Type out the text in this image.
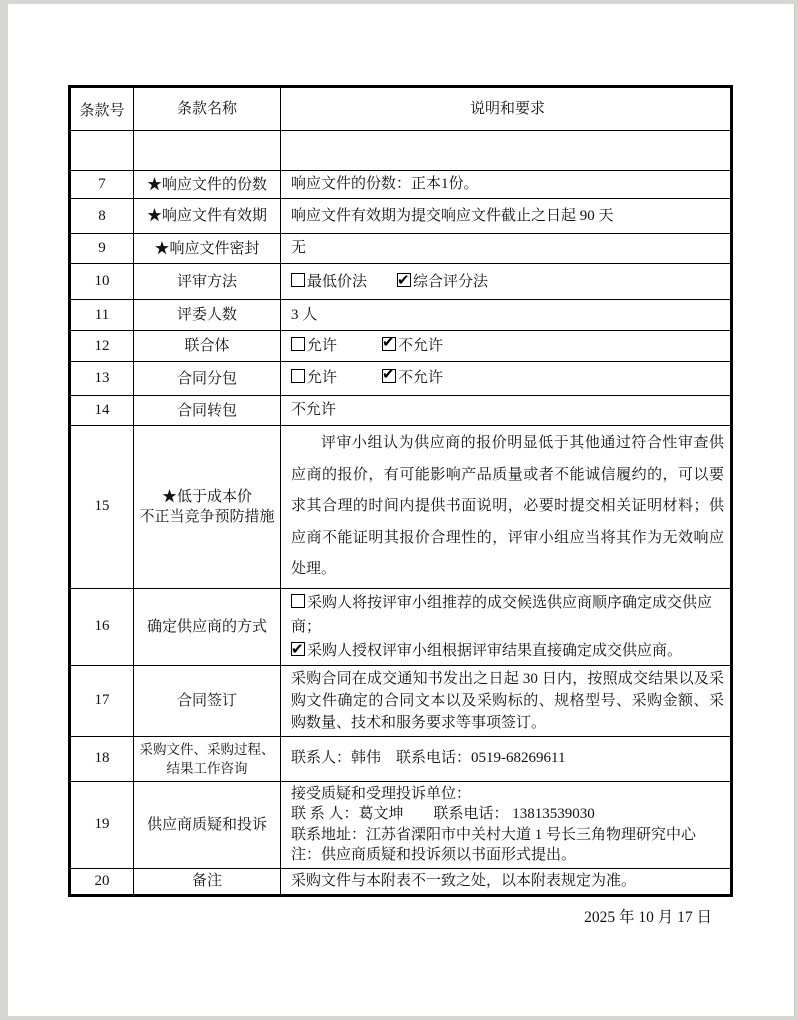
条款号	条款名称	说明和要求

7	★响应文件的份数	响应文件的份数：正本1份。

8	★响应文件有效期	响应文件有效期为提交响应文件截止之日起 90 天

9	★响应文件密封	无

10	评审方法	最低价法　　✔综合评分法

11	评委人数	3 人

12	联合体	允许　　　✔不允许

13	合同分包	允许　　　✔不允许

14	合同转包	不允许

15	★低于成本价
不正当竞争预防措施	评审小组认为供应商的报价明显低于其他通过符合性审查供应商的报价，有可能影响产品质量或者不能诚信履约的，可以要求其合理的时间内提供书面说明，必要时提交相关证明材料；供应商不能证明其报价合理性的，评审小组应当将其作为无效响应处理。

16	确定供应商的方式	采购人将按评审小组推荐的成交候选供应商顺序确定成交供应商；
✔采购人授权评审小组根据评审结果直接确定成交供应商。

17	合同签订	采购合同在成交通知书发出之日起 30 日内，按照成交结果以及采购文件确定的合同文本以及采购标的、规格型号、采购金额、采购数量、技术和服务要求等事项签订。

18	采购文件、采购过程、
结果工作咨询	联系人：韩伟　联系电话：0519-68269611

19	供应商质疑和投诉	接受质疑和受理投诉单位：
联 系 人：葛文坤　　联系电话： 13813539030
联系地址：江苏省溧阳市中关村大道 1 号长三角物理研究中心
注：供应商质疑和投诉须以书面形式提出。

20	备注	采购文件与本附表不一致之处，以本附表规定为准。
2025 年 10 月 17 日
